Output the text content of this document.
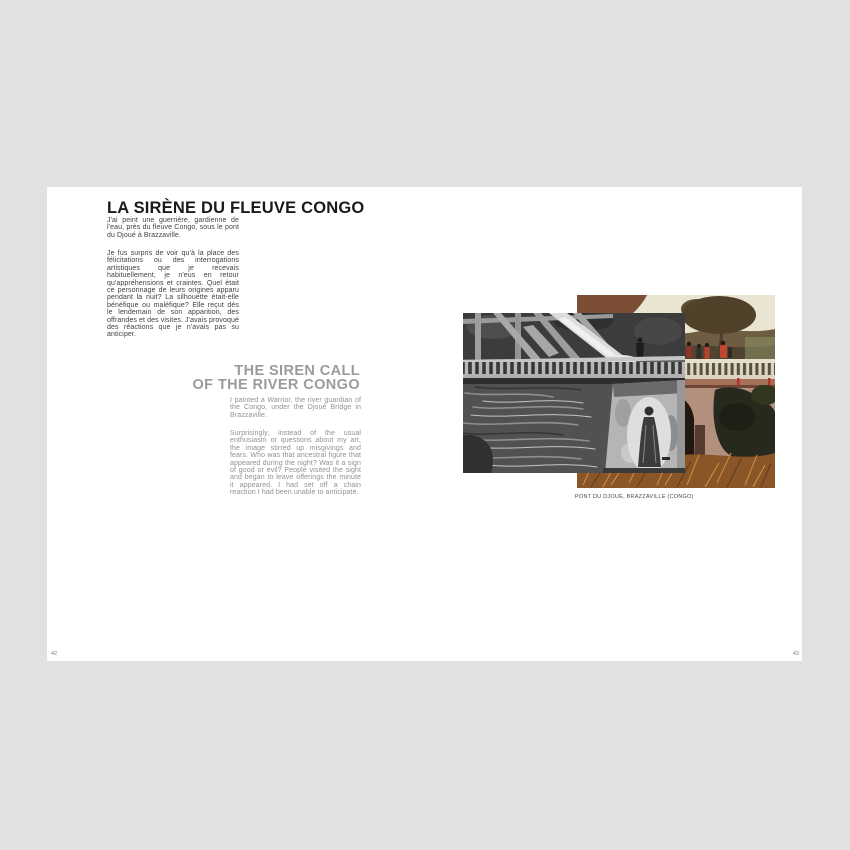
LA SIRÈNE DU FLEUVE CONGO

J'ai peint une guerrière, gardienne de l'eau, près du fleuve Congo, sous le pont du Djoué à Brazzaville.

Je fus surpris de voir qu'à la place des félicitations ou des interrogations artistiques que je recevais habituellement, je n'eus en retour qu'appréhensions et craintes. Quel était ce personnage de leurs origines apparu pendant la nuit? La silhouette était-elle bénéfique ou maléfique? Elle reçut dès le lendemain de son apparition, des offrandes et des visites. J'avais provoqué des réactions que je n'avais pas su anticiper.

THE SIREN CALL
OF THE RIVER CONGO

I painted a Warrior, the river guardian of the Congo, under the Djoué Bridge in Brazzaville.

Surprisingly, instead of the usual enthusiasm or questions about my art, the image stirred up misgivings and fears. Who was that ancestral figure that appeared during the night? Was it a sign of good or evil? People visited the sight and began to leave offerings the minute it appeared. I had set off a chain reaction I had been unable to anticipate.

42
PONT DU DJOUÉ, BRAZZAVILLE (CONGO)
43
